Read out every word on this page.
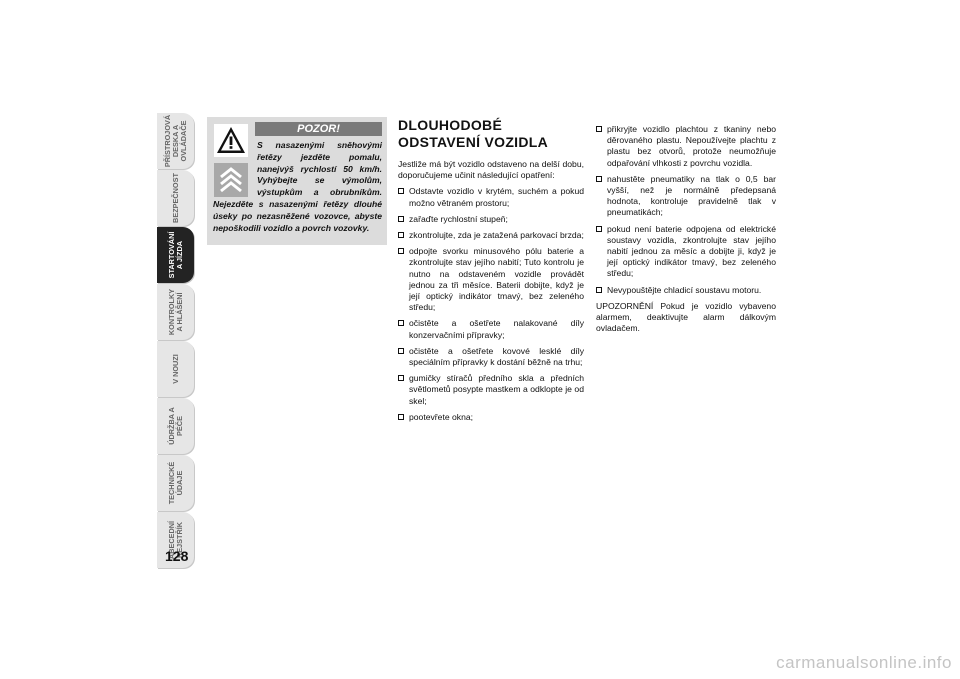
PŘÍSTROJOVÁ DESKA A
OVLÁDAČE
BEZPEČNOST
STARTOVÁNÍ
A JÍZDA
KONTROLKY
A HLÁŠENÍ
V NOUZI
ÚDRŽBA A
PÉČE
TECHNICKÉ
ÚDAJE
ABECEDNÍ
REJSTŘÍK
128
POZOR!
S nasazenými sněhovými řetězy jezděte pomalu, nanejvýš rychlostí 50 km/h. Vyhýbejte se výmolům, výstupkům a obrubníkům. Nejezděte s nasazenými řetězy dlouhé úseky po nezasněžené vozovce, abyste nepoškodili vozidlo a povrch vozovky.
DLOUHODOBÉ
ODSTAVENÍ VOZIDLA

Jestliže má být vozidlo odstaveno na delší dobu, doporučujeme učinit následující opatření:

Odstavte vozidlo v krytém, suchém a pokud možno větraném prostoru;
zařaďte rychlostní stupeň;
zkontrolujte, zda je zatažená parkovací brzda;
odpojte svorku minusového pólu baterie a zkontrolujte stav jejího nabití; Tuto kontrolu je nutno na odstaveném vozidle provádět jednou za tři měsíce. Baterii dobijte, když je její optický indikátor tmavý, bez zeleného středu;
očistěte a ošetřete nalakované díly konzervačními přípravky;
očistěte a ošetřete kovové lesklé díly speciálním přípravky k dostání běžně na trhu;
gumičky stíračů předního skla a předních světlometů posypte mastkem a odklopte je od skel;
pootevřete okna;
přikryjte vozidlo plachtou z tkaniny nebo děrovaného plastu. Nepoužívejte plachtu z plastu bez otvorů, protože neumožňuje odpařování vlhkosti z povrchu vozidla.
nahustěte pneumatiky na tlak o 0,5 bar vyšší, než je normálně předepsaná hodnota, kontroluje pravidelně tlak v pneumatikách;
pokud není baterie odpojena od elektrické soustavy vozidla, zkontrolujte stav jejího nabití jednou za měsíc a dobijte ji, když je její optický indikátor tmavý, bez zeleného středu;
Nevypouštějte chladicí soustavu motoru.

UPOZORNĚNÍ Pokud je vozidlo vybaveno alarmem, deaktivujte alarm dálkovým ovladačem.

carmanualsonline.info
